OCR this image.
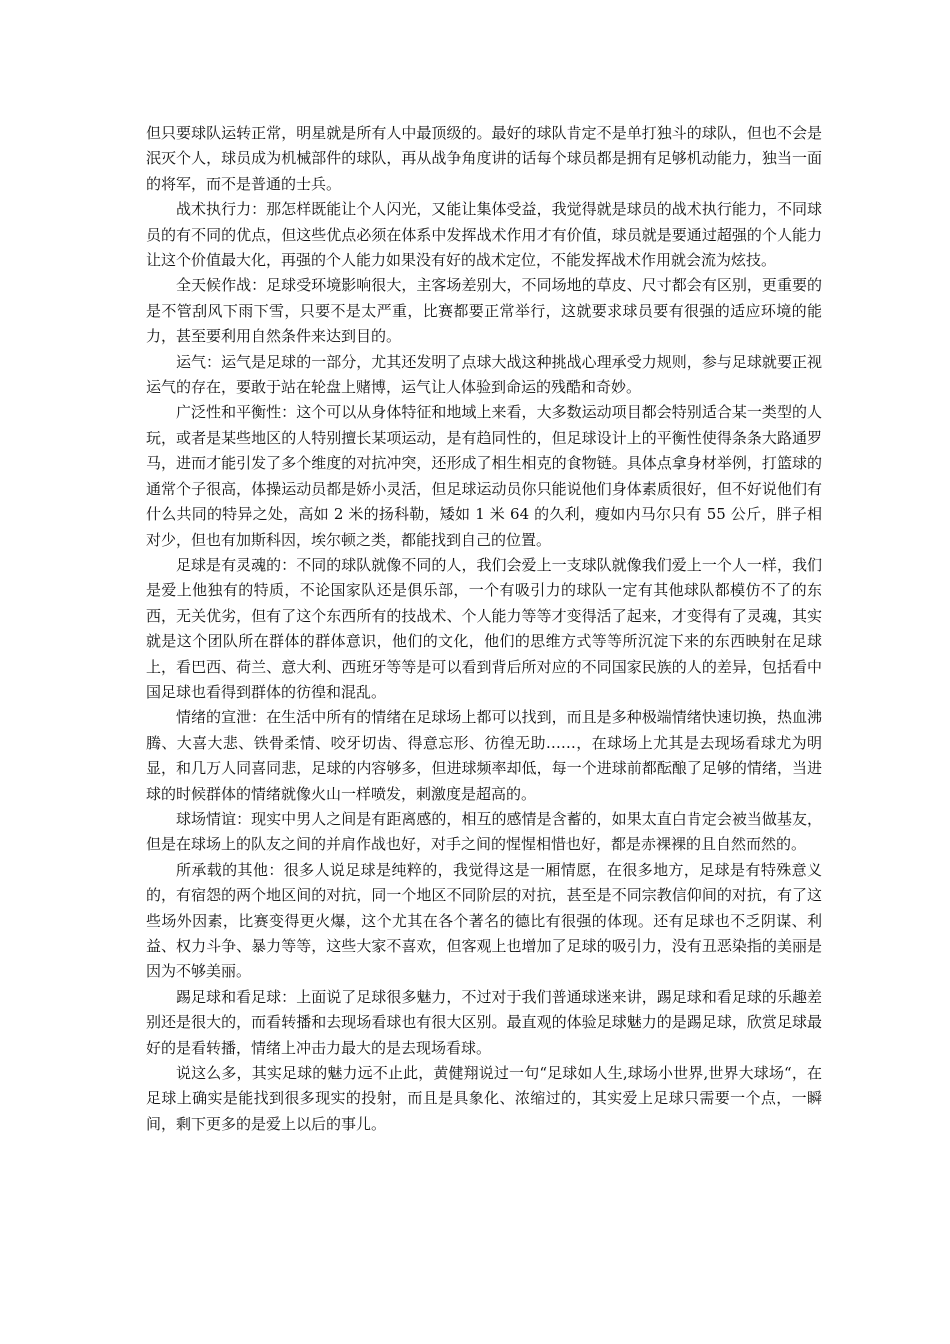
但只要球队运转正常，明星就是所有人中最顶级的。最好的球队肯定不是单打独斗的球队，但也不会是泯灭个人，球员成为机械部件的球队，再从战争角度讲的话每个球员都是拥有足够机动能力，独当一面的将军，而不是普通的士兵。

战术执行力：那怎样既能让个人闪光，又能让集体受益，我觉得就是球员的战术执行能力，不同球员的有不同的优点，但这些优点必须在体系中发挥战术作用才有价值，球员就是要通过超强的个人能力让这个价值最大化，再强的个人能力如果没有好的战术定位，不能发挥战术作用就会流为炫技。

全天候作战：足球受环境影响很大，主客场差别大，不同场地的草皮、尺寸都会有区别，更重要的是不管刮风下雨下雪，只要不是太严重，比赛都要正常举行，这就要求球员要有很强的适应环境的能力，甚至要利用自然条件来达到目的。

运气：运气是足球的一部分，尤其还发明了点球大战这种挑战心理承受力规则，参与足球就要正视运气的存在，要敢于站在轮盘上赌博，运气让人体验到命运的残酷和奇妙。

广泛性和平衡性：这个可以从身体特征和地域上来看，大多数运动项目都会特别适合某一类型的人玩，或者是某些地区的人特别擅长某项运动，是有趋同性的，但足球设计上的平衡性使得条条大路通罗马，进而才能引发了多个维度的对抗冲突，还形成了相生相克的食物链。具体点拿身材举例，打篮球的通常个子很高，体操运动员都是娇小灵活，但足球运动员你只能说他们身体素质很好，但不好说他们有什么共同的特异之处，高如 2 米的扬科勒，矮如 1 米 64 的久利，瘦如内马尔只有 55 公斤，胖子相对少，但也有加斯科因，埃尔顿之类，都能找到自己的位置。

足球是有灵魂的：不同的球队就像不同的人，我们会爱上一支球队就像我们爱上一个人一样，我们是爱上他独有的特质，不论国家队还是俱乐部，一个有吸引力的球队一定有其他球队都模仿不了的东西，无关优劣，但有了这个东西所有的技战术、个人能力等等才变得活了起来，才变得有了灵魂，其实就是这个团队所在群体的群体意识，他们的文化，他们的思维方式等等所沉淀下来的东西映射在足球上，看巴西、荷兰、意大利、西班牙等等是可以看到背后所对应的不同国家民族的人的差异，包括看中国足球也看得到群体的彷徨和混乱。

情绪的宣泄：在生活中所有的情绪在足球场上都可以找到，而且是多种极端情绪快速切换，热血沸腾、大喜大悲、铁骨柔情、咬牙切齿、得意忘形、彷徨无助……，在球场上尤其是去现场看球尤为明显，和几万人同喜同悲，足球的内容够多，但进球频率却低，每一个进球前都酝酿了足够的情绪，当进球的时候群体的情绪就像火山一样喷发，刺激度是超高的。

球场情谊：现实中男人之间是有距离感的，相互的感情是含蓄的，如果太直白肯定会被当做基友，但是在球场上的队友之间的并肩作战也好，对手之间的惺惺相惜也好，都是赤裸裸的且自然而然的。

所承载的其他：很多人说足球是纯粹的，我觉得这是一厢情愿，在很多地方，足球是有特殊意义的，有宿怨的两个地区间的对抗，同一个地区不同阶层的对抗，甚至是不同宗教信仰间的对抗，有了这些场外因素，比赛变得更火爆，这个尤其在各个著名的德比有很强的体现。还有足球也不乏阴谋、利益、权力斗争、暴力等等，这些大家不喜欢，但客观上也增加了足球的吸引力，没有丑恶染指的美丽是因为不够美丽。

踢足球和看足球：上面说了足球很多魅力，不过对于我们普通球迷来讲，踢足球和看足球的乐趣差别还是很大的，而看转播和去现场看球也有很大区别。最直观的体验足球魅力的是踢足球，欣赏足球最好的是看转播，情绪上冲击力最大的是去现场看球。

说这么多，其实足球的魅力远不止此，黄健翔说过一句“足球如人生,球场小世界,世界大球场“，在足球上确实是能找到很多现实的投射，而且是具象化、浓缩过的，其实爱上足球只需要一个点，一瞬间，剩下更多的是爱上以后的事儿。
